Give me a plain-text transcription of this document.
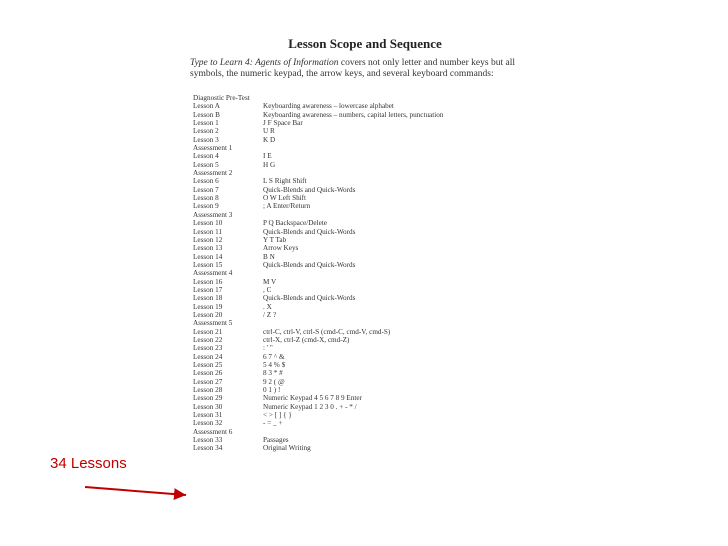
Lesson Scope and Sequence
Type to Learn 4: Agents of Information covers not only letter and number keys but all symbols, the numeric keypad, the arrow keys, and several keyboard commands:
Diagnostic Pre-Test
Lesson A	Keyboarding awareness – lowercase alphabet
Lesson B	Keyboarding awareness – numbers, capital letters, punctuation
Lesson 1	J F Space Bar
Lesson 2	U R
Lesson 3	K D
Assessment 1
Lesson 4	I E
Lesson 5	H G
Assessment 2
Lesson 6	L S Right Shift
Lesson 7	Quick-Blends and Quick-Words
Lesson 8	O W Left Shift
Lesson 9	; A Enter/Return
Assessment 3
Lesson 10	P Q Backspace/Delete
Lesson 11	Quick-Blends and Quick-Words
Lesson 12	Y T Tab
Lesson 13	Arrow Keys
Lesson 14	B N
Lesson 15	Quick-Blends and Quick-Words
Assessment 4
Lesson 16	M V
Lesson 17	, C
Lesson 18	Quick-Blends and Quick-Words
Lesson 19	. X
Lesson 20	/ Z ?
Assessment 5
Lesson 21	ctrl-C, ctrl-V, ctrl-S (cmd-C, cmd-V, cmd-S)
Lesson 22	ctrl-X, ctrl-Z (cmd-X, cmd-Z)
Lesson 23	: ' "
Lesson 24	6 7 ^ &
Lesson 25	5 4 % $
Lesson 26	8 3 * #
Lesson 27	9 2 ( @
Lesson 28	0 1 ) !
Lesson 29	Numeric Keypad 4 5 6 7 8 9 Enter
Lesson 30	Numeric Keypad 1 2 3 0 . + - * /
Lesson 31	< > [ ] { }
Lesson 32	- = _ +
Assessment 6
Lesson 33	Passages
Lesson 34	Original Writing
34 Lessons
